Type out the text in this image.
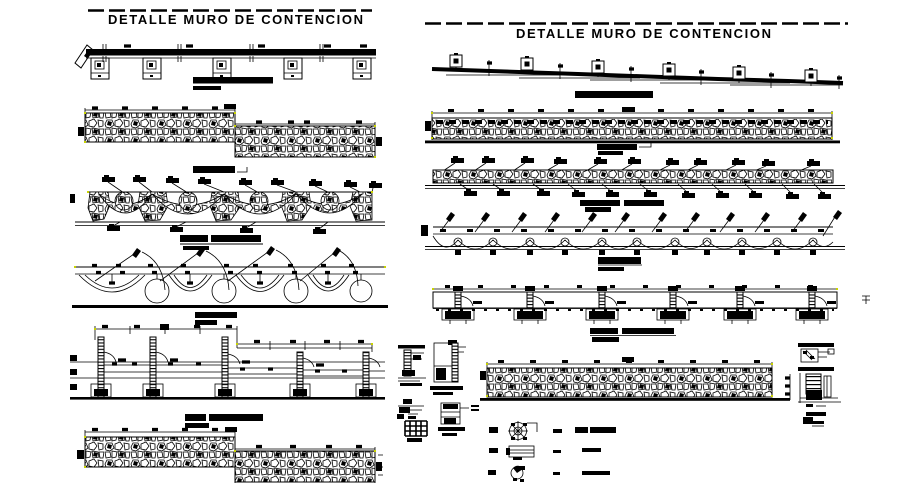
DETALLE MURO DE CONTENCION
DETALLE MURO DE CONTENCION
